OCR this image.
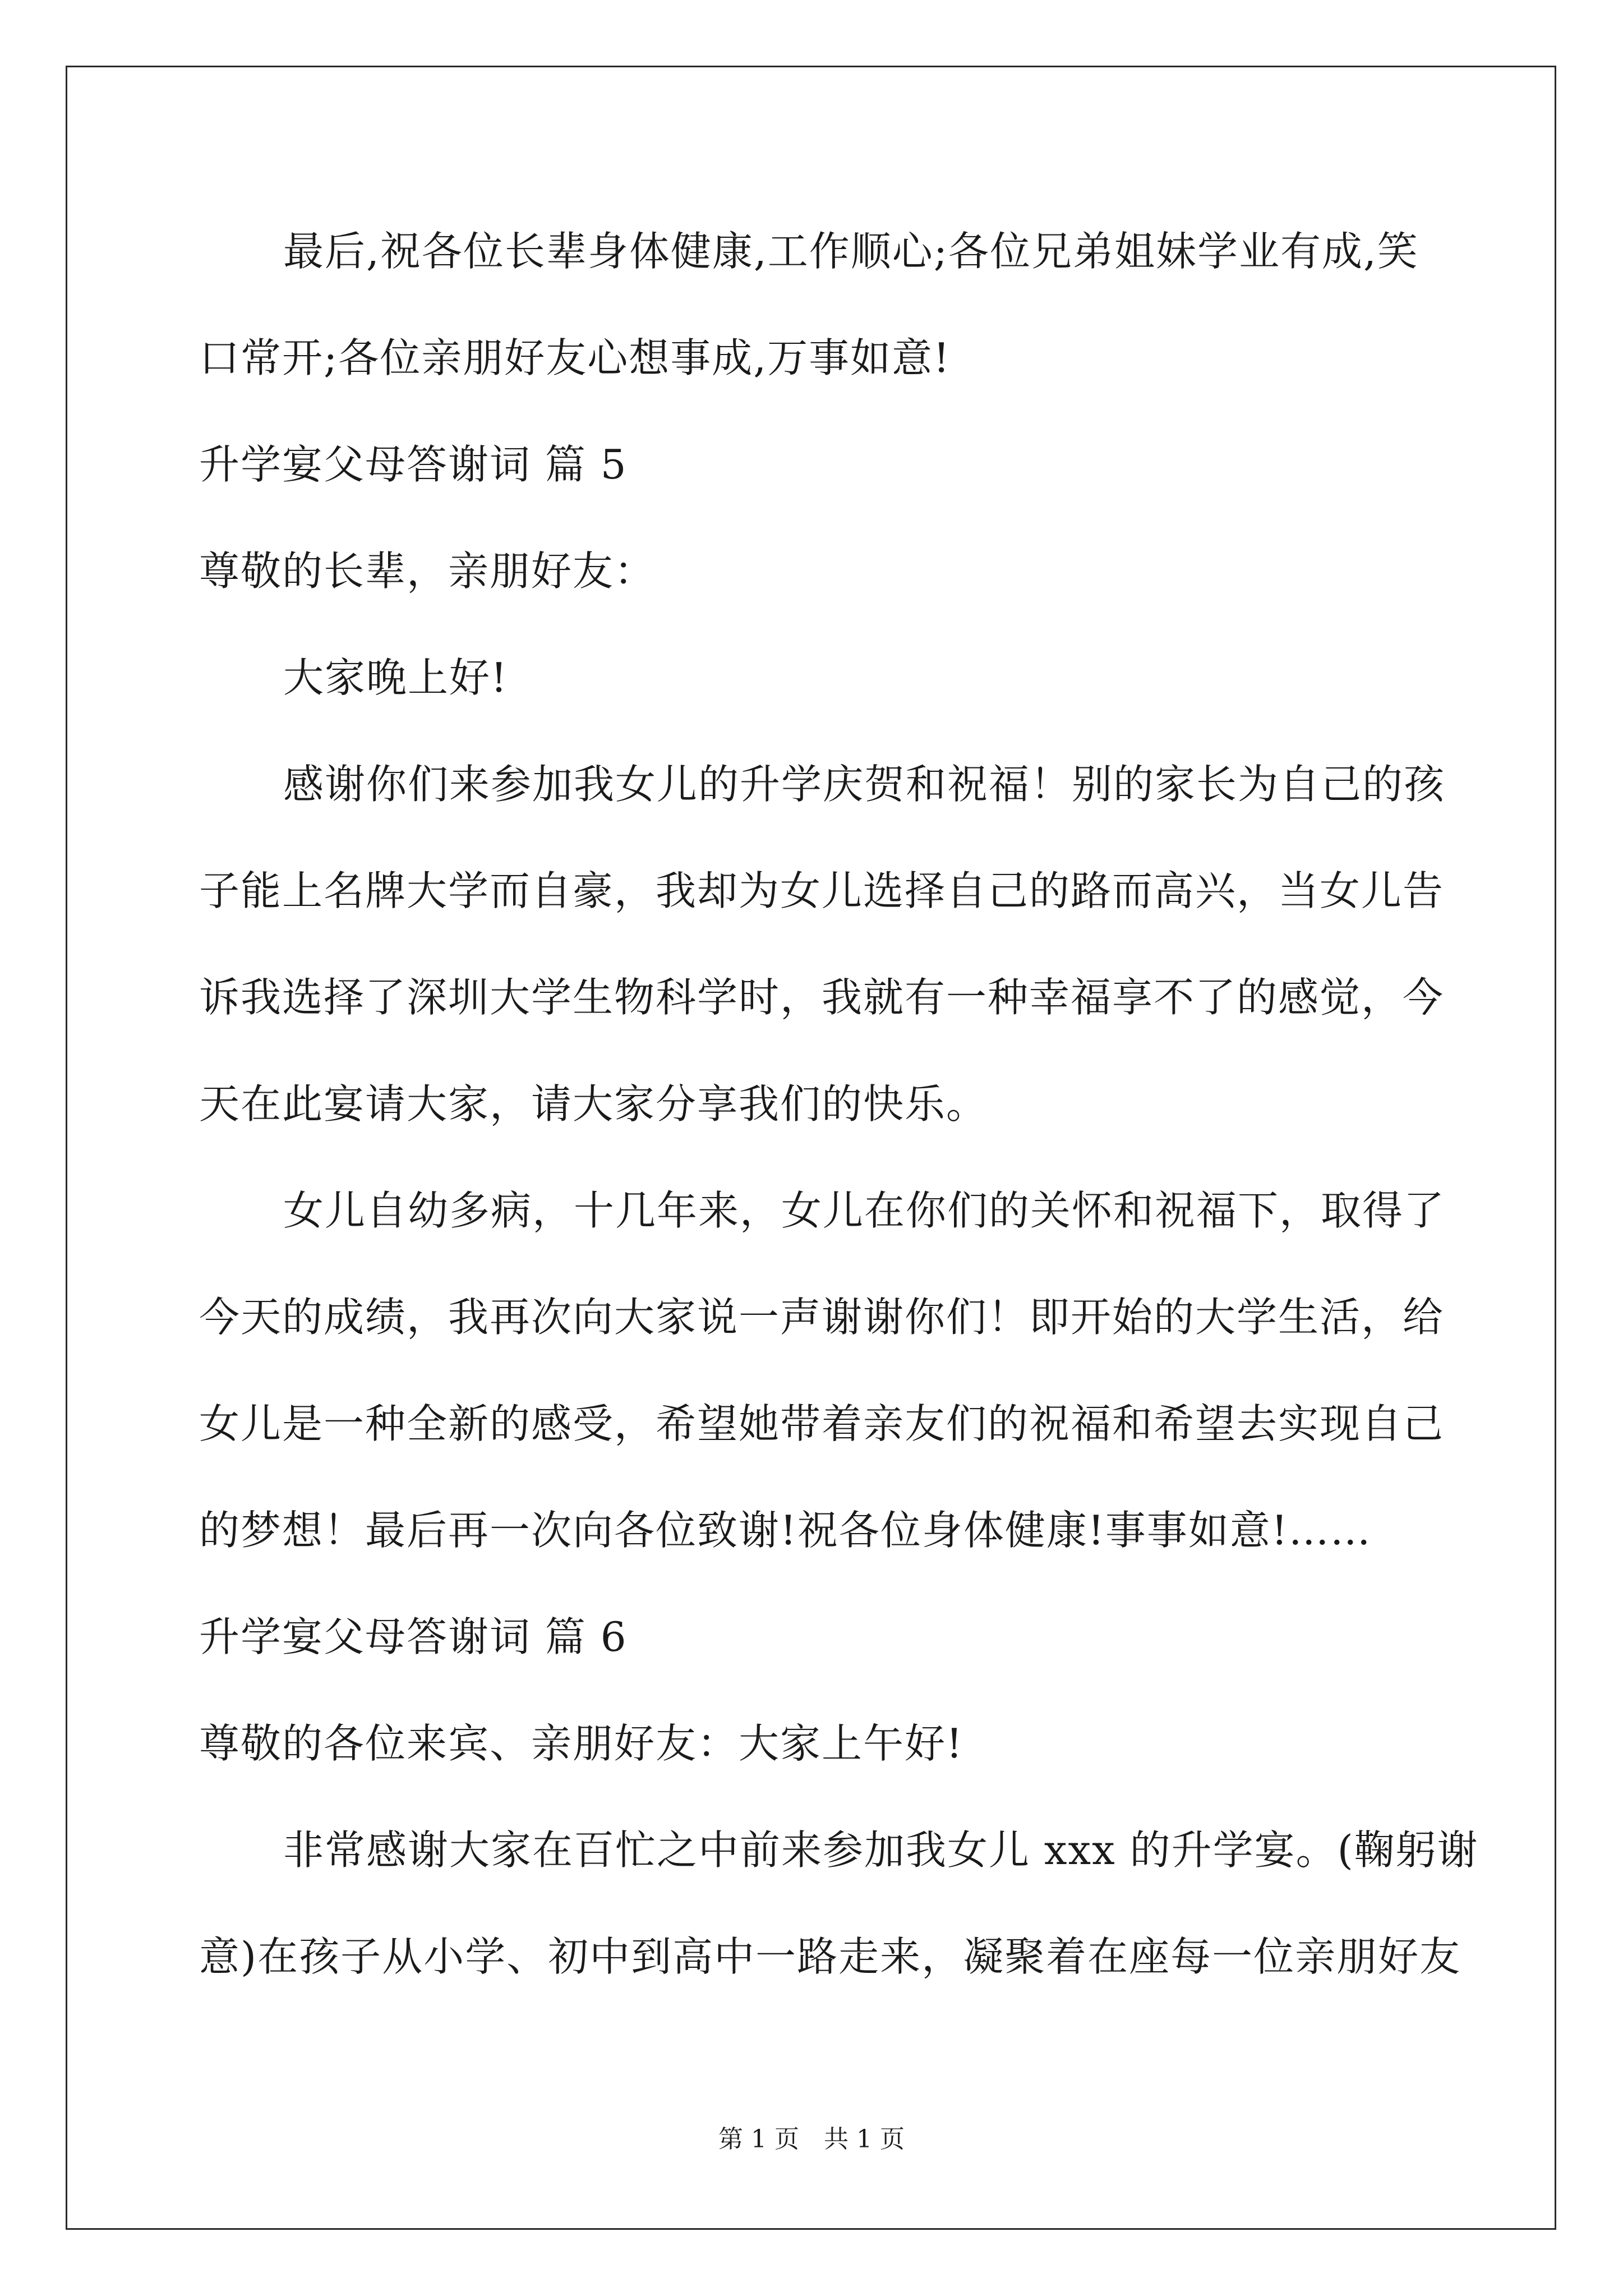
最后,祝各位长辈身体健康,工作顺心;各位兄弟姐妹学业有成,笑
口常开;各位亲朋好友心想事成,万事如意!
升学宴父母答谢词 篇 5
尊敬的长辈，亲朋好友：
大家晚上好!
感谢你们来参加我女儿的升学庆贺和祝福！别的家长为自己的孩
子能上名牌大学而自豪，我却为女儿选择自己的路而高兴，当女儿告
诉我选择了深圳大学生物科学时，我就有一种幸福享不了的感觉，今
天在此宴请大家，请大家分享我们的快乐。
女儿自幼多病，十几年来，女儿在你们的关怀和祝福下，取得了
今天的成绩，我再次向大家说一声谢谢你们！即开始的大学生活，给
女儿是一种全新的感受，希望她带着亲友们的祝福和希望去实现自己
的梦想！最后再一次向各位致谢!祝各位身体健康!事事如意!……
升学宴父母答谢词 篇 6
尊敬的各位来宾、亲朋好友：大家上午好!
非常感谢大家在百忙之中前来参加我女儿 xxx 的升学宴。(鞠躬谢
意)在孩子从小学、初中到高中一路走来，凝聚着在座每一位亲朋好友
第 1 页 共 1 页
